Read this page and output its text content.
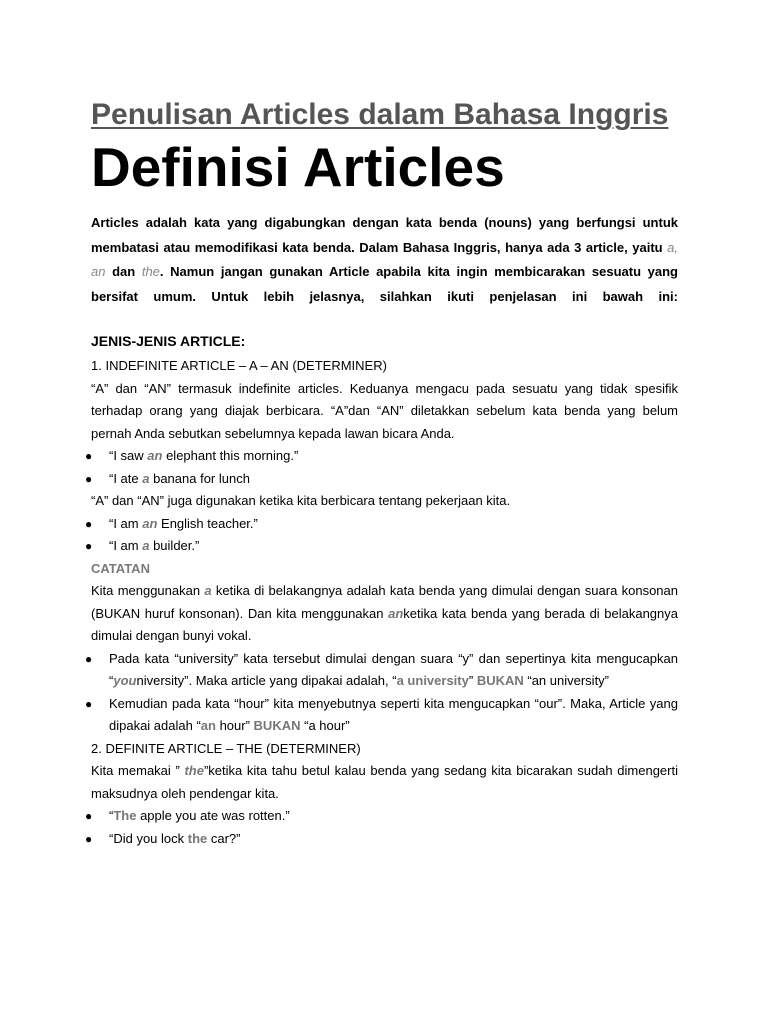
Penulisan Articles dalam Bahasa Inggris
Definisi Articles

Articles adalah kata yang digabungkan dengan kata benda (nouns) yang berfungsi untuk membatasi atau memodifikasi kata benda. Dalam Bahasa Inggris, hanya ada 3 article, yaitu a, an dan the. Namun jangan gunakan Article apabila kita ingin membicarakan sesuatu yang bersifat umum. Untuk lebih jelasnya, silahkan ikuti penjelasan ini bawah ini:

JENIS-JENIS ARTICLE:

1. INDEFINITE ARTICLE – A – AN (DETERMINER)

“A” dan “AN” termasuk indefinite articles. Keduanya mengacu pada sesuatu yang tidak spesifik terhadap orang yang diajak berbicara. “A”dan “AN” diletakkan sebelum kata benda yang belum pernah Anda sebutkan sebelumnya kepada lawan bicara Anda.

● “I saw an elephant this morning.”
● “I ate a banana for lunch

“A” dan “AN” juga digunakan ketika kita berbicara tentang pekerjaan kita.

● “I am an English teacher.”
● “I am a builder.”

CATATAN

Kita menggunakan a ketika di belakangnya adalah kata benda yang dimulai dengan suara konsonan (BUKAN huruf konsonan). Dan kita menggunakan anketika kata benda yang berada di belakangnya dimulai dengan bunyi vokal.

● Pada kata “university” kata tersebut dimulai dengan suara “y” dan sepertinya kita mengucapkan “youniversity”. Maka article yang dipakai adalah, “a university” BUKAN “an university”
● Kemudian pada kata “hour” kita menyebutnya seperti kita mengucapkan “our”. Maka, Article yang dipakai adalah “an hour” BUKAN “a hour”

2. DEFINITE ARTICLE – THE (DETERMINER)

Kita memakai ” the”ketika kita tahu betul kalau benda yang sedang kita bicarakan sudah dimengerti maksudnya oleh pendengar kita.

● “The apple you ate was rotten.”
● “Did you lock the car?”
